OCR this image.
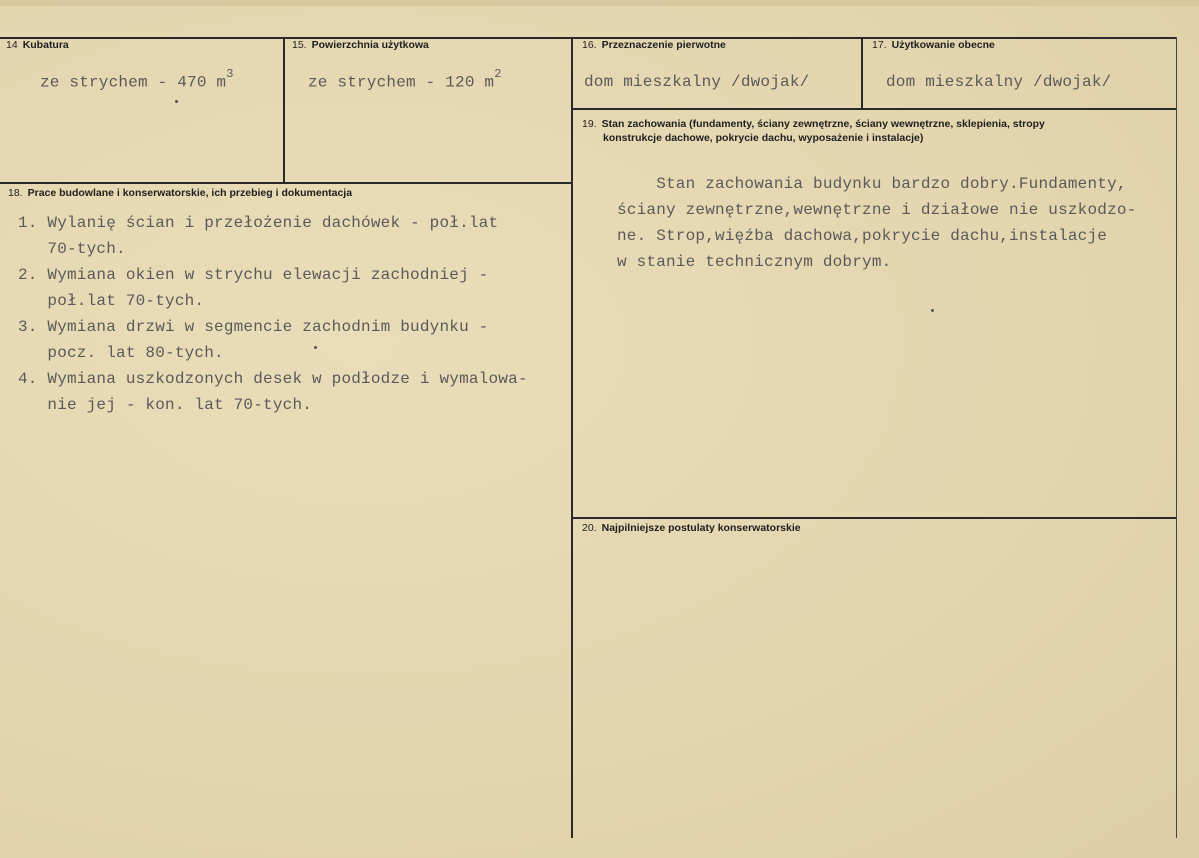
14 Kubatura
ze strychem - 470 $m^3$
15. Powierzchnia użytkowa
ze strychem - 120 $m^2$
16. Przeznaczenie pierwotne
dom mieszkalny /dwojak/
17. Użytkowanie obecne
dom mieszkalny /dwojak/
18. Prace budowlane i konserwatorskie, ich przebieg i dokumentacja
1. Wylanię ścian i przełożenie dachówek - poł.lat
70-tych.
2. Wymiana okien w strychu elewacji zachodniej -
poł.lat 70-tych.
3. Wymiana drzwi w segmencie zachodnim budynku -
pocz. lat 80-tych.
4. Wymiana uszkodzonych desek w podłodze i wymalowa-
nie jej - kon. lat 70-tych.
19. Stan zachowania (fundamenty, ściany zewnętrzne, ściany wewnętrzne, sklepienia, stropy
konstrukcje dachowe, pokrycie dachu, wyposażenie i instalacje)
Stan zachowania budynku bardzo dobry.Fundamenty,
ściany zewnętrzne,wewnętrzne i działowe nie uszkodzo-
ne. Strop,więźba dachowa,pokrycie dachu,instalacje
w stanie technicznym dobrym.
20. Najpilniejsze postulaty konserwatorskie
